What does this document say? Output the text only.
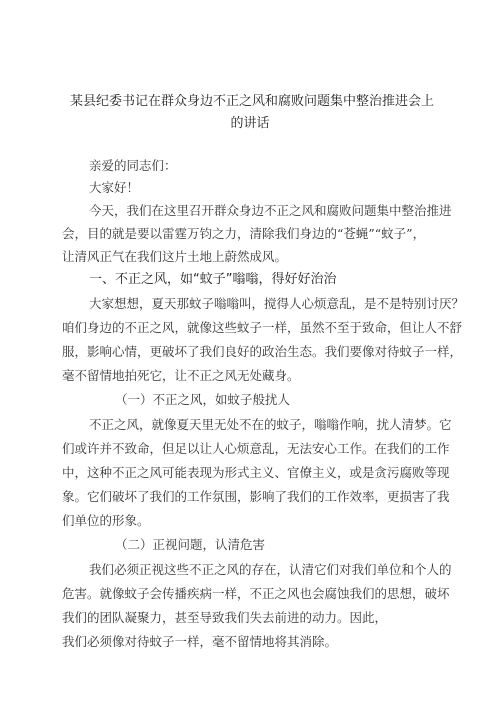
某县纪委书记在群众身边不正之风和腐败问题集中整治推进会上
的讲话
亲爱的同志们：
大家好！
今天，我们在这里召开群众身边不正之风和腐败问题集中整治推进
会，目的就是要以雷霆万钧之力，清除我们身边的“苍蝇”“蚊子”，
让清风正气在我们这片土地上蔚然成风。
一、不正之风，如“蚊子”嗡嗡，得好好治治
大家想想，夏天那蚊子嗡嗡叫，搅得人心烦意乱，是不是特别讨厌？
咱们身边的不正之风，就像这些蚊子一样，虽然不至于致命，但让人不舒
服，影响心情，更破坏了我们良好的政治生态。我们要像对待蚊子一样，
毫不留情地拍死它，让不正之风无处藏身。
（一）不正之风，如蚊子般扰人
不正之风，就像夏天里无处不在的蚊子，嗡嗡作响，扰人清梦。它
们或许并不致命，但足以让人心烦意乱，无法安心工作。在我们的工作
中，这种不正之风可能表现为形式主义、官僚主义，或是贪污腐败等现
象。它们破坏了我们的工作氛围，影响了我们的工作效率，更损害了我
们单位的形象。
（二）正视问题，认清危害
我们必须正视这些不正之风的存在，认清它们对我们单位和个人的
危害。就像蚊子会传播疾病一样，不正之风也会腐蚀我们的思想，破坏
我们的团队凝聚力，甚至导致我们失去前进的动力。因此，
我们必须像对待蚊子一样，毫不留情地将其消除。
